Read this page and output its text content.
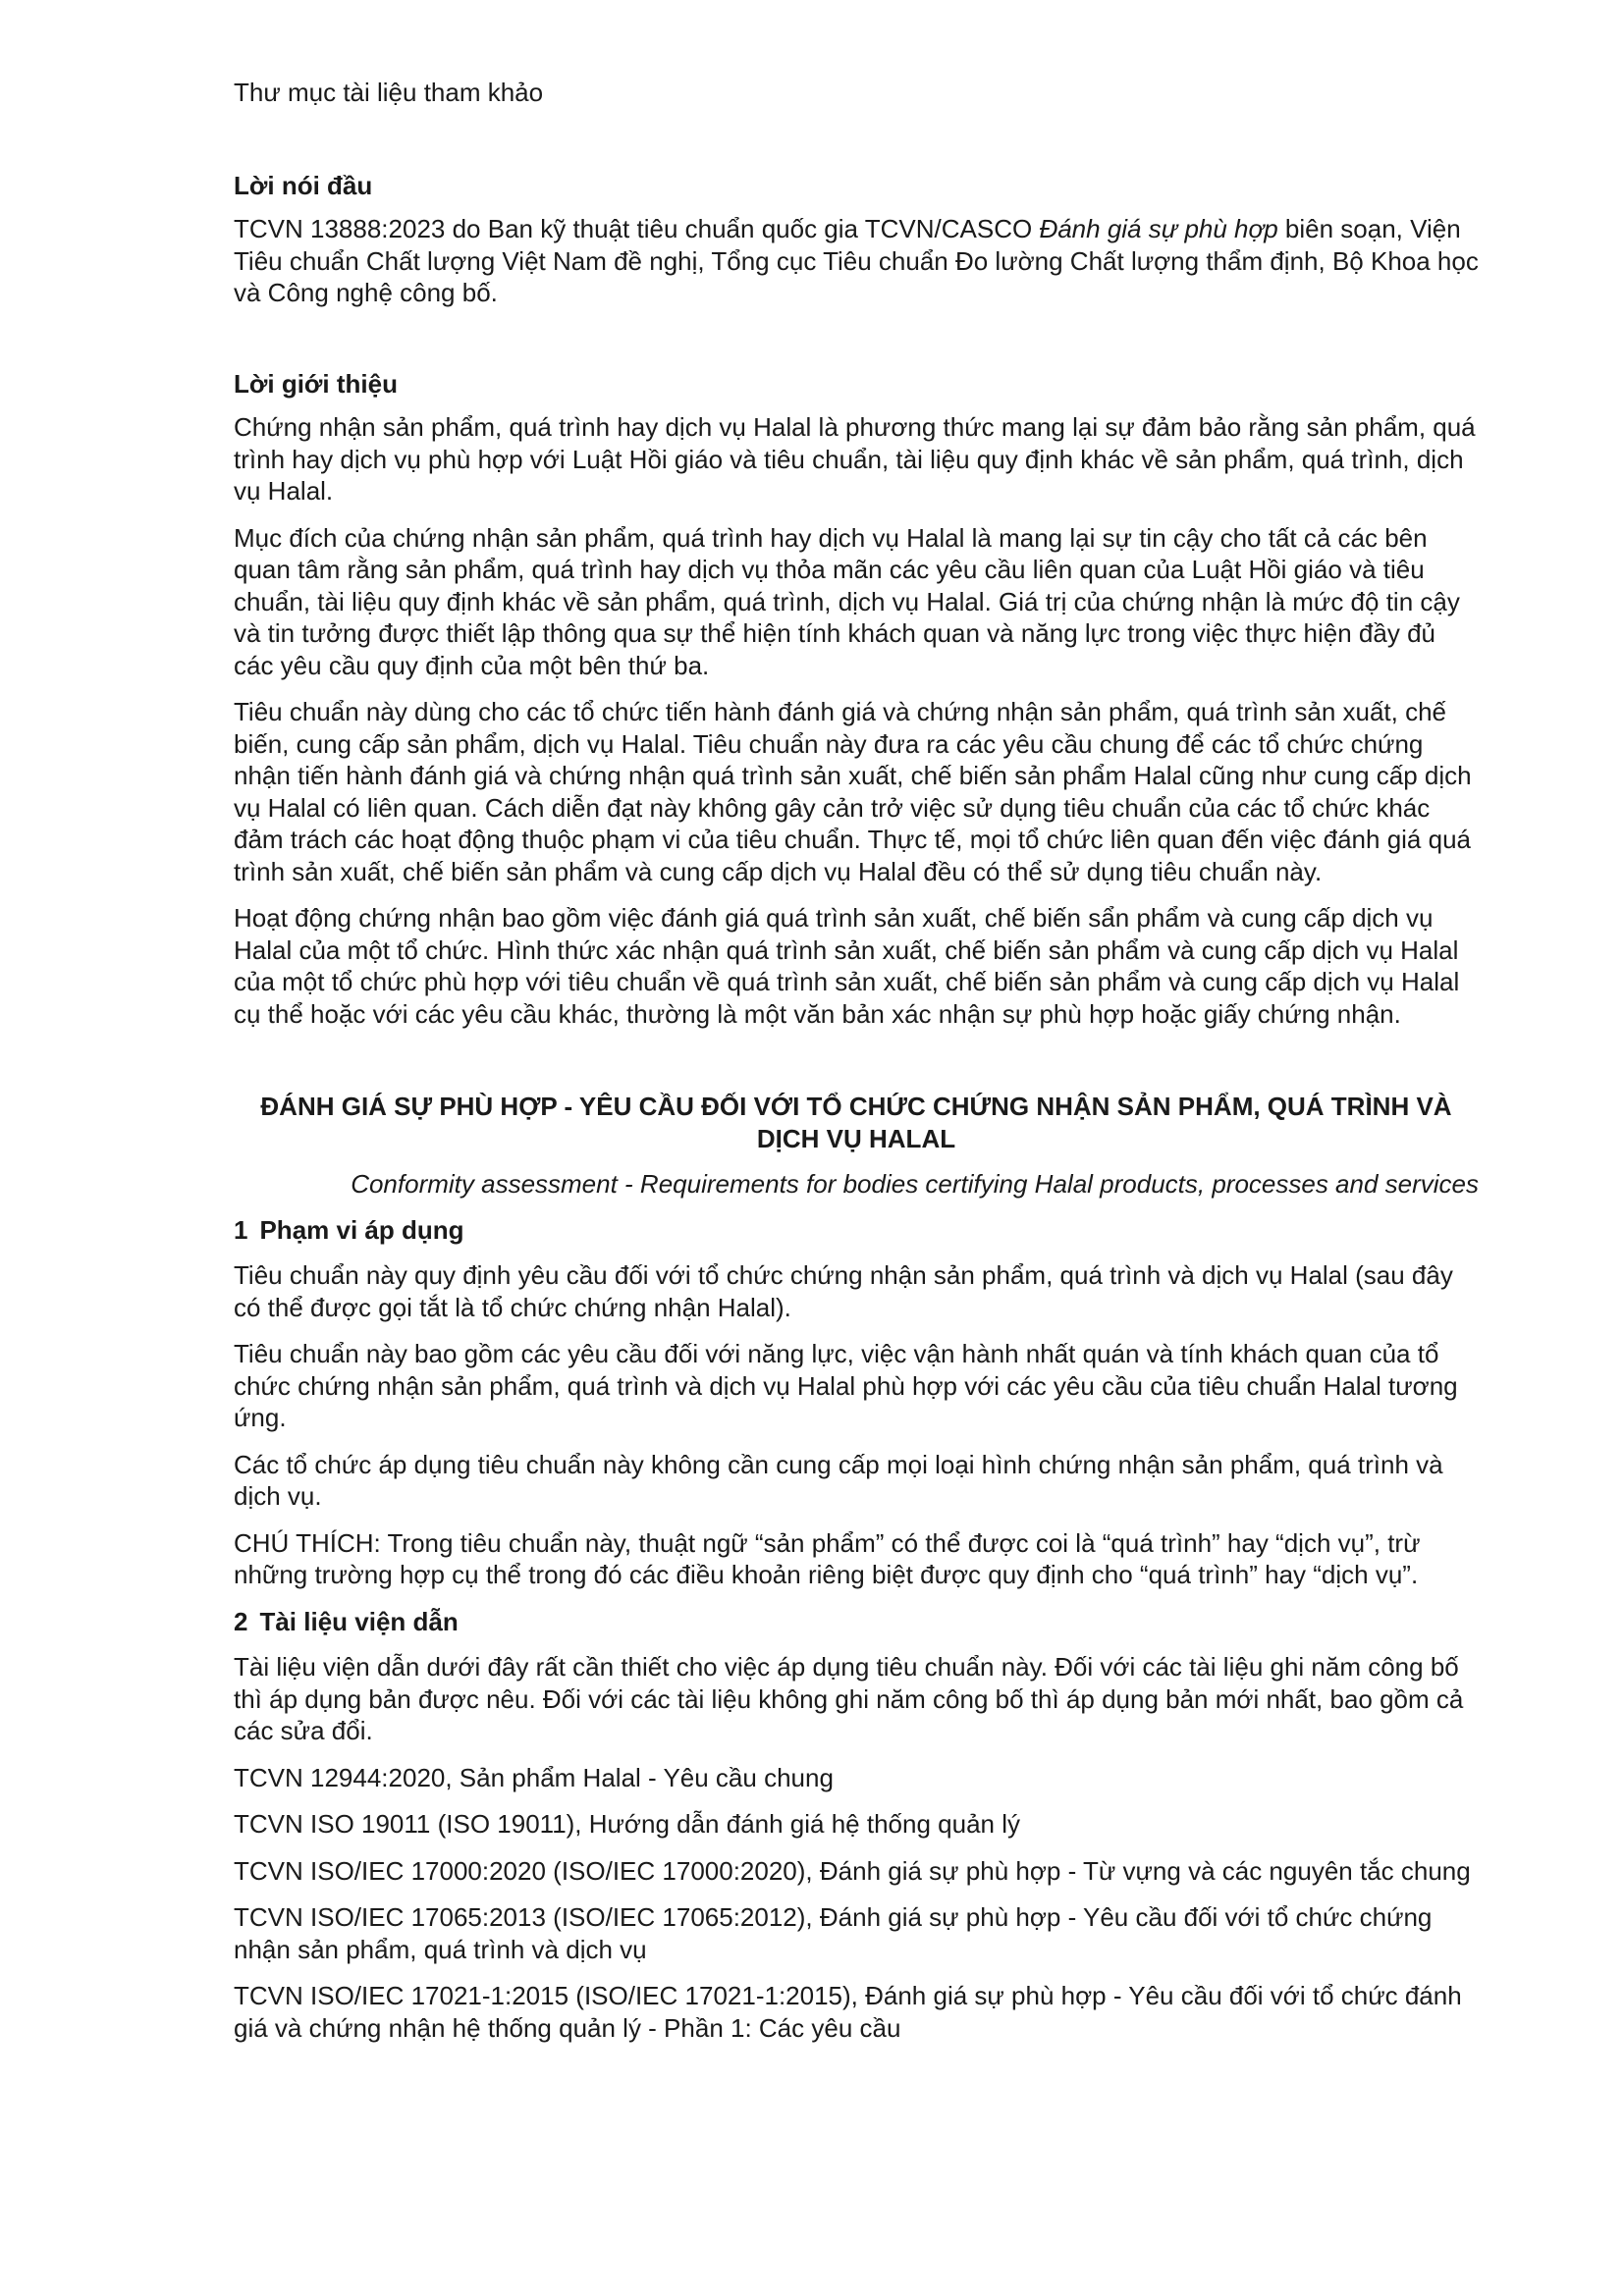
Thư mục tài liệu tham khảo
Lời nói đầu

TCVN 13888:2023 do Ban kỹ thuật tiêu chuẩn quốc gia TCVN/CASCO Đánh giá sự phù hợp biên soạn, Viện Tiêu chuẩn Chất lượng Việt Nam đề nghị, Tổng cục Tiêu chuẩn Đo lường Chất lượng thẩm định, Bộ Khoa học và Công nghệ công bố.

Lời giới thiệu

Chứng nhận sản phẩm, quá trình hay dịch vụ Halal là phương thức mang lại sự đảm bảo rằng sản phẩm, quá trình hay dịch vụ phù hợp với Luật Hồi giáo và tiêu chuẩn, tài liệu quy định khác về sản phẩm, quá trình, dịch vụ Halal.

Mục đích của chứng nhận sản phẩm, quá trình hay dịch vụ Halal là mang lại sự tin cậy cho tất cả các bên quan tâm rằng sản phẩm, quá trình hay dịch vụ thỏa mãn các yêu cầu liên quan của Luật Hồi giáo và tiêu chuẩn, tài liệu quy định khác về sản phẩm, quá trình, dịch vụ Halal. Giá trị của chứng nhận là mức độ tin cậy và tin tưởng được thiết lập thông qua sự thể hiện tính khách quan và năng lực trong việc thực hiện đầy đủ các yêu cầu quy định của một bên thứ ba.

Tiêu chuẩn này dùng cho các tổ chức tiến hành đánh giá và chứng nhận sản phẩm, quá trình sản xuất, chế biến, cung cấp sản phẩm, dịch vụ Halal. Tiêu chuẩn này đưa ra các yêu cầu chung để các tổ chức chứng nhận tiến hành đánh giá và chứng nhận quá trình sản xuất, chế biến sản phẩm Halal cũng như cung cấp dịch vụ Halal có liên quan. Cách diễn đạt này không gây cản trở việc sử dụng tiêu chuẩn của các tổ chức khác đảm trách các hoạt động thuộc phạm vi của tiêu chuẩn. Thực tế, mọi tổ chức liên quan đến việc đánh giá quá trình sản xuất, chế biến sản phẩm và cung cấp dịch vụ Halal đều có thể sử dụng tiêu chuẩn này.

Hoạt động chứng nhận bao gồm việc đánh giá quá trình sản xuất, chế biến sẩn phẩm và cung cấp dịch vụ Halal của một tổ chức. Hình thức xác nhận quá trình sản xuất, chế biến sản phẩm và cung cấp dịch vụ Halal của một tổ chức phù hợp với tiêu chuẩn về quá trình sản xuất, chế biến sản phẩm và cung cấp dịch vụ Halal cụ thể hoặc với các yêu cầu khác, thường là một văn bản xác nhận sự phù hợp hoặc giấy chứng nhận.

ĐÁNH GIÁ SỰ PHÙ HỢP - YÊU CẦU ĐỐI VỚI TỔ CHỨC CHỨNG NHẬN SẢN PHẨM, QUÁ TRÌNH VÀ DỊCH VỤ HALAL
Conformity assessment - Requirements for bodies certifying Halal products, processes and services
1 Phạm vi áp dụng

Tiêu chuẩn này quy định yêu cầu đối với tổ chức chứng nhận sản phẩm, quá trình và dịch vụ Halal (sau đây có thể được gọi tắt là tổ chức chứng nhận Halal).

Tiêu chuẩn này bao gồm các yêu cầu đối với năng lực, việc vận hành nhất quán và tính khách quan của tổ chức chứng nhận sản phẩm, quá trình và dịch vụ Halal phù hợp với các yêu cầu của tiêu chuẩn Halal tương ứng.

Các tổ chức áp dụng tiêu chuẩn này không cần cung cấp mọi loại hình chứng nhận sản phẩm, quá trình và dịch vụ.

CHÚ THÍCH: Trong tiêu chuẩn này, thuật ngữ “sản phẩm” có thể được coi là “quá trình” hay “dịch vụ”, trừ những trường hợp cụ thể trong đó các điều khoản riêng biệt được quy định cho “quá trình” hay “dịch vụ”.

2 Tài liệu viện dẫn

Tài liệu viện dẫn dưới đây rất cần thiết cho việc áp dụng tiêu chuẩn này. Đối với các tài liệu ghi năm công bố thì áp dụng bản được nêu. Đối với các tài liệu không ghi năm công bố thì áp dụng bản mới nhất, bao gồm cả các sửa đổi.

TCVN 12944:2020, Sản phẩm Halal - Yêu cầu chung

TCVN ISO 19011 (ISO 19011), Hướng dẫn đánh giá hệ thống quản lý

TCVN ISO/IEC 17000:2020 (ISO/IEC 17000:2020), Đánh giá sự phù hợp - Từ vựng và các nguyên tắc chung

TCVN ISO/IEC 17065:2013 (ISO/IEC 17065:2012), Đánh giá sự phù hợp - Yêu cầu đối với tổ chức chứng nhận sản phẩm, quá trình và dịch vụ

TCVN ISO/IEC 17021-1:2015 (ISO/IEC 17021-1:2015), Đánh giá sự phù hợp - Yêu cầu đối với tổ chức đánh giá và chứng nhận hệ thống quản lý - Phần 1: Các yêu cầu
